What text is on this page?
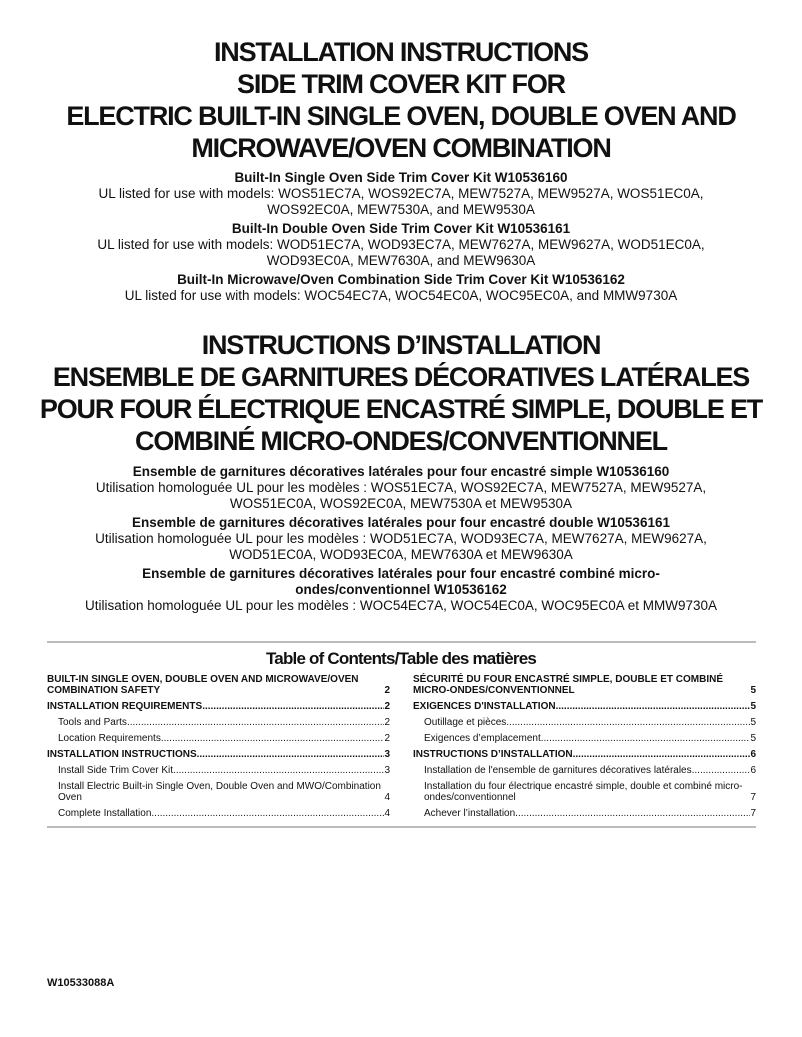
INSTALLATION INSTRUCTIONS
SIDE TRIM COVER KIT FOR
ELECTRIC BUILT-IN SINGLE OVEN, DOUBLE OVEN AND
MICROWAVE/OVEN COMBINATION
Built-In Single Oven Side Trim Cover Kit W10536160
UL listed for use with models: WOS51EC7A, WOS92EC7A, MEW7527A, MEW9527A, WOS51EC0A,
WOS92EC0A, MEW7530A, and MEW9530A
Built-In Double Oven Side Trim Cover Kit W10536161
UL listed for use with models: WOD51EC7A, WOD93EC7A, MEW7627A, MEW9627A, WOD51EC0A,
WOD93EC0A, MEW7630A, and MEW9630A
Built-In Microwave/Oven Combination Side Trim Cover Kit W10536162
UL listed for use with models: WOC54EC7A, WOC54EC0A, WOC95EC0A, and MMW9730A
INSTRUCTIONS D’INSTALLATION
ENSEMBLE DE GARNITURES DÉCORATIVES LATÉRALES
POUR FOUR ÉLECTRIQUE ENCASTRÉ SIMPLE, DOUBLE ET
COMBINÉ MICRO-ONDES/CONVENTIONNEL
Ensemble de garnitures décoratives latérales pour four encastré simple W10536160
Utilisation homologuée UL pour les modèles : WOS51EC7A, WOS92EC7A, MEW7527A, MEW9527A,
WOS51EC0A, WOS92EC0A, MEW7530A et MEW9530A
Ensemble de garnitures décoratives latérales pour four encastré double W10536161
Utilisation homologuée UL pour les modèles : WOD51EC7A, WOD93EC7A, MEW7627A, MEW9627A,
WOD51EC0A, WOD93EC0A, MEW7630A et MEW9630A
Ensemble de garnitures décoratives latérales pour four encastré combiné micro-ondes/conventionnel W10536162
Utilisation homologuée UL pour les modèles : WOC54EC7A, WOC54EC0A, WOC95EC0A et MMW9730A
Table of Contents/Table des matières
BUILT-IN SINGLE OVEN, DOUBLE OVEN AND MICROWAVE/OVEN COMBINATION SAFETY	2
INSTALLATION REQUIREMENTS .....	2
Tools and Parts .....	2
Location Requirements .....	2
INSTALLATION INSTRUCTIONS .....	3
Install Side Trim Cover Kit .....	3
Install Electric Built-in Single Oven, Double Oven and MWO/Combination Oven	4
Complete Installation .....	4
SÉCURITÉ DU FOUR ENCASTRÉ SIMPLE, DOUBLE ET COMBINÉ MICRO-ONDES/CONVENTIONNEL	5
EXIGENCES D'INSTALLATION .....	5
Outillage et pièces .....	5
Exigences d’emplacement .....	5
INSTRUCTIONS D’INSTALLATION .....	6
Installation de l'ensemble de garnitures décoratives latérales .....	6
Installation du four électrique encastré simple, double et combiné micro-ondes/conventionnel	7
Achever l’installation .....	7
W10533088A
